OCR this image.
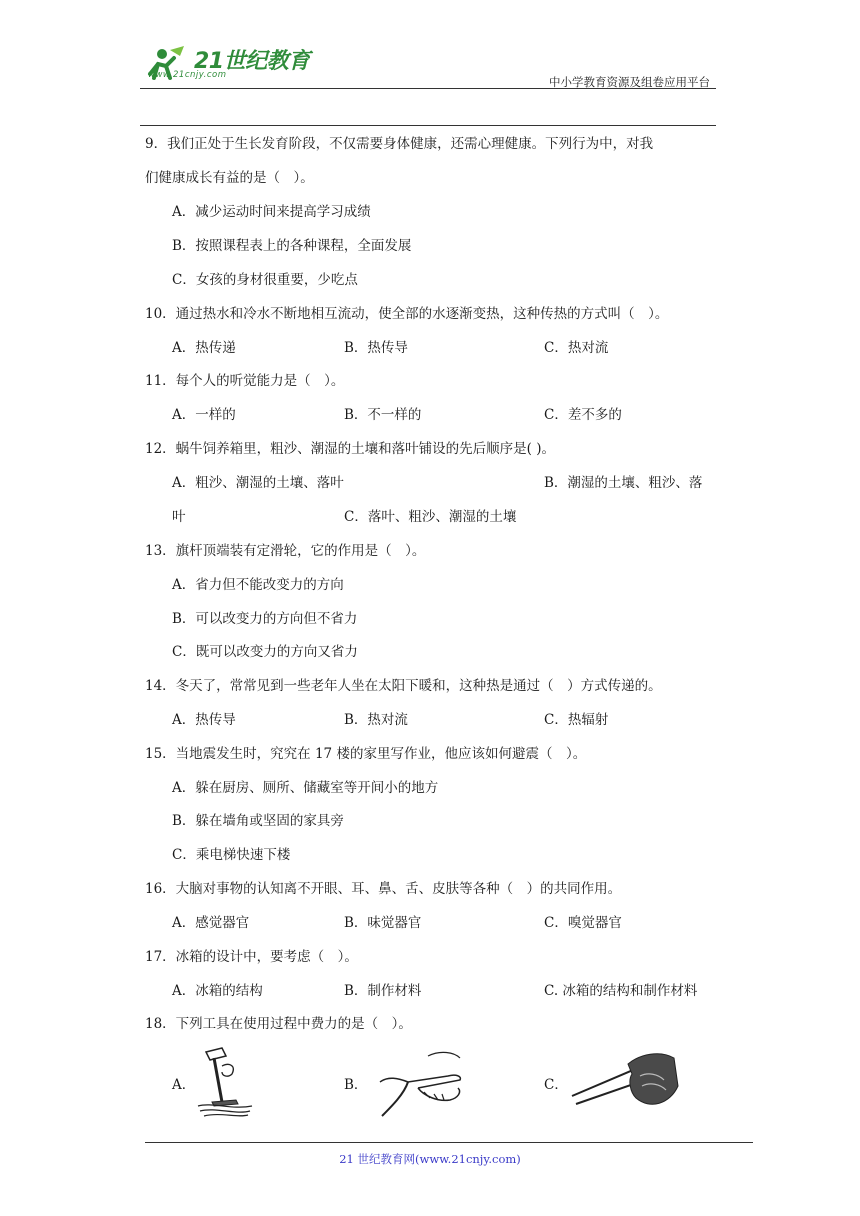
21世纪教育
www.21cnjy.com	中小学教育资源及组卷应用平台
9．我们正处于生长发育阶段，不仅需要身体健康，还需心理健康。下列行为中，对我
们健康成长有益的是（　）。
A．减少运动时间来提高学习成绩
B．按照课程表上的各种课程，全面发展
C．女孩的身材很重要，少吃点
10．通过热水和冷水不断地相互流动，使全部的水逐渐变热，这种传热的方式叫（　）。
A．热传递	B．热传导	C．热对流
11．每个人的听觉能力是（　）。
A．一样的	B．不一样的	C．差不多的
12．蜗牛饲养箱里，粗沙、潮湿的土壤和落叶铺设的先后顺序是( )。
A．粗沙、潮湿的土壤、落叶	B．潮湿的土壤、粗沙、落
叶	C．落叶、粗沙、潮湿的土壤
13．旗杆顶端装有定滑轮，它的作用是（　）。
A．省力但不能改变力的方向
B．可以改变力的方向但不省力
C．既可以改变力的方向又省力
14．冬天了，常常见到一些老年人坐在太阳下暖和，这种热是通过（　）方式传递的。
A．热传导	B．热对流	C．热辐射
15．当地震发生时，究究在 17 楼的家里写作业，他应该如何避震（　）。
A．躲在厨房、厕所、储藏室等开间小的地方
B．躲在墙角或坚固的家具旁
C．乘电梯快速下楼
16．大脑对事物的认知离不开眼、耳、鼻、舌、皮肤等各种（　）的共同作用。
A．感觉器官	B．味觉器官	C．嗅觉器官
17．冰箱的设计中，要考虑（　）。
A．冰箱的结构	B．制作材料	C. 冰箱的结构和制作材料
18．下列工具在使用过程中费力的是（　）。
A．	B．	C．
21 世纪教育网(www.21cnjy.com)
